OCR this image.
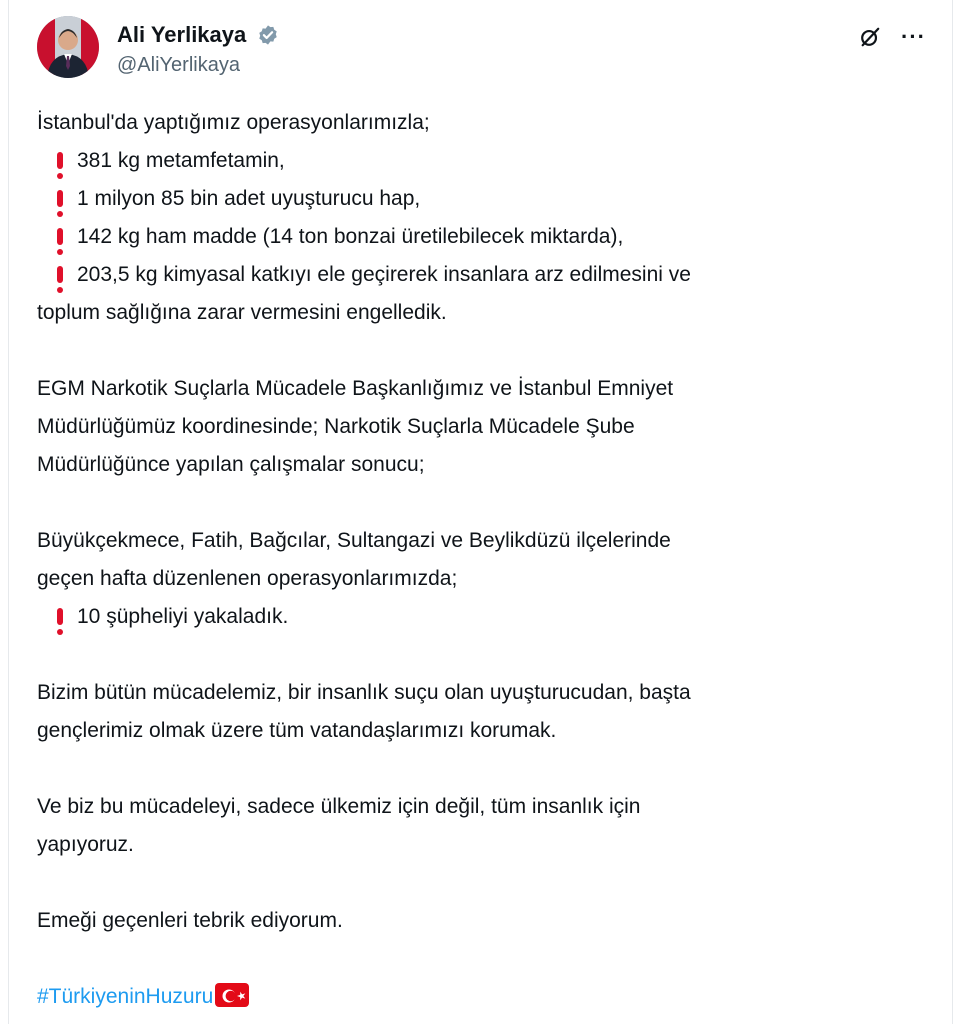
Ali Yerlikaya
@AliYerlikaya
···
İstanbul'da yaptığımız operasyonlarımızla;
381 kg metamfetamin,
1 milyon 85 bin adet uyuşturucu hap,
142 kg ham madde (14 ton bonzai üretilebilecek miktarda),
203,5 kg kimyasal katkıyı ele geçirerek insanlara arz edilmesini ve
toplum sağlığına zarar vermesini engelledik.
EGM Narkotik Suçlarla Mücadele Başkanlığımız ve İstanbul Emniyet
Müdürlüğümüz koordinesinde; Narkotik Suçlarla Mücadele Şube
Müdürlüğünce yapılan çalışmalar sonucu;
Büyükçekmece, Fatih, Bağcılar, Sultangazi ve Beylikdüzü ilçelerinde
geçen hafta düzenlenen operasyonlarımızda;
10 şüpheliyi yakaladık.
Bizim bütün mücadelemiz, bir insanlık suçu olan uyuşturucudan, başta
gençlerimiz olmak üzere tüm vatandaşlarımızı korumak.
Ve biz bu mücadeleyi, sadece ülkemiz için değil, tüm insanlık için
yapıyoruz.
Emeği geçenleri tebrik ediyorum.
#TürkiyeninHuzuru
